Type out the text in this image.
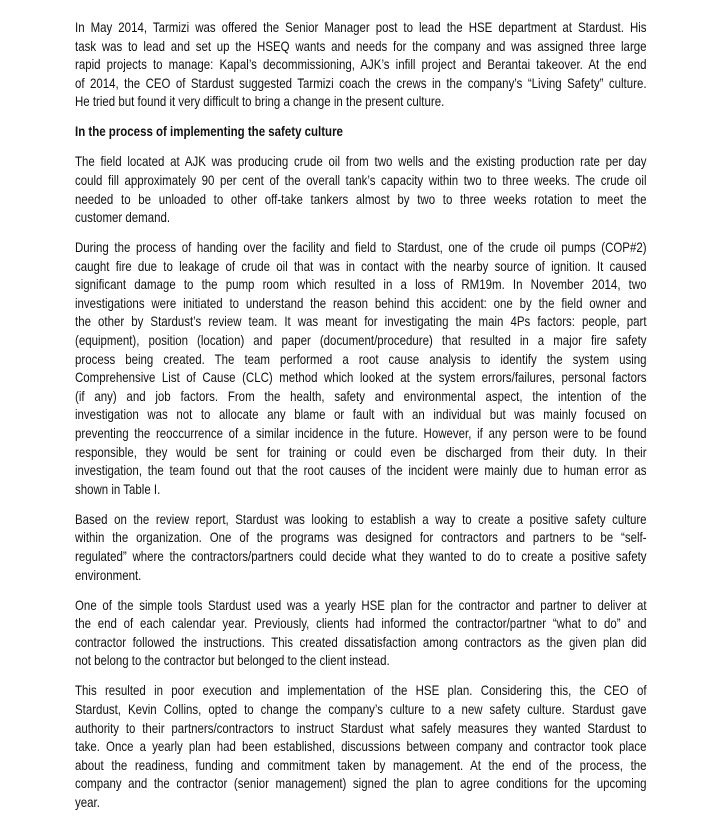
In May 2014, Tarmizi was offered the Senior Manager post to lead the HSE department at Stardust. His
task was to lead and set up the HSEQ wants and needs for the company and was assigned three large
rapid projects to manage: Kapal’s decommissioning, AJK’s infill project and Berantai takeover. At the end
of 2014, the CEO of Stardust suggested Tarmizi coach the crews in the company’s “Living Safety” culture.
He tried but found it very difficult to bring a change in the present culture.
In the process of implementing the safety culture
The field located at AJK was producing crude oil from two wells and the existing production rate per day
could fill approximately 90 per cent of the overall tank’s capacity within two to three weeks. The crude oil
needed to be unloaded to other off-take tankers almost by two to three weeks rotation to meet the
customer demand.
During the process of handing over the facility and field to Stardust, one of the crude oil pumps (COP#2)
caught fire due to leakage of crude oil that was in contact with the nearby source of ignition. It caused
significant damage to the pump room which resulted in a loss of RM19m. In November 2014, two
investigations were initiated to understand the reason behind this accident: one by the field owner and
the other by Stardust’s review team. It was meant for investigating the main 4Ps factors: people, part
(equipment), position (location) and paper (document/procedure) that resulted in a major fire safety
process being created. The team performed a root cause analysis to identify the system using
Comprehensive List of Cause (CLC) method which looked at the system errors/failures, personal factors
(if any) and job factors. From the health, safety and environmental aspect, the intention of the
investigation was not to allocate any blame or fault with an individual but was mainly focused on
preventing the reoccurrence of a similar incidence in the future. However, if any person were to be found
responsible, they would be sent for training or could even be discharged from their duty. In their
investigation, the team found out that the root causes of the incident were mainly due to human error as
shown in Table I.
Based on the review report, Stardust was looking to establish a way to create a positive safety culture
within the organization. One of the programs was designed for contractors and partners to be “self-
regulated” where the contractors/partners could decide what they wanted to do to create a positive safety
environment.
One of the simple tools Stardust used was a yearly HSE plan for the contractor and partner to deliver at
the end of each calendar year. Previously, clients had informed the contractor/partner “what to do” and
contractor followed the instructions. This created dissatisfaction among contractors as the given plan did
not belong to the contractor but belonged to the client instead.
This resulted in poor execution and implementation of the HSE plan. Considering this, the CEO of
Stardust, Kevin Collins, opted to change the company’s culture to a new safety culture. Stardust gave
authority to their partners/contractors to instruct Stardust what safely measures they wanted Stardust to
take. Once a yearly plan had been established, discussions between company and contractor took place
about the readiness, funding and commitment taken by management. At the end of the process, the
company and the contractor (senior management) signed the plan to agree conditions for the upcoming
year.
